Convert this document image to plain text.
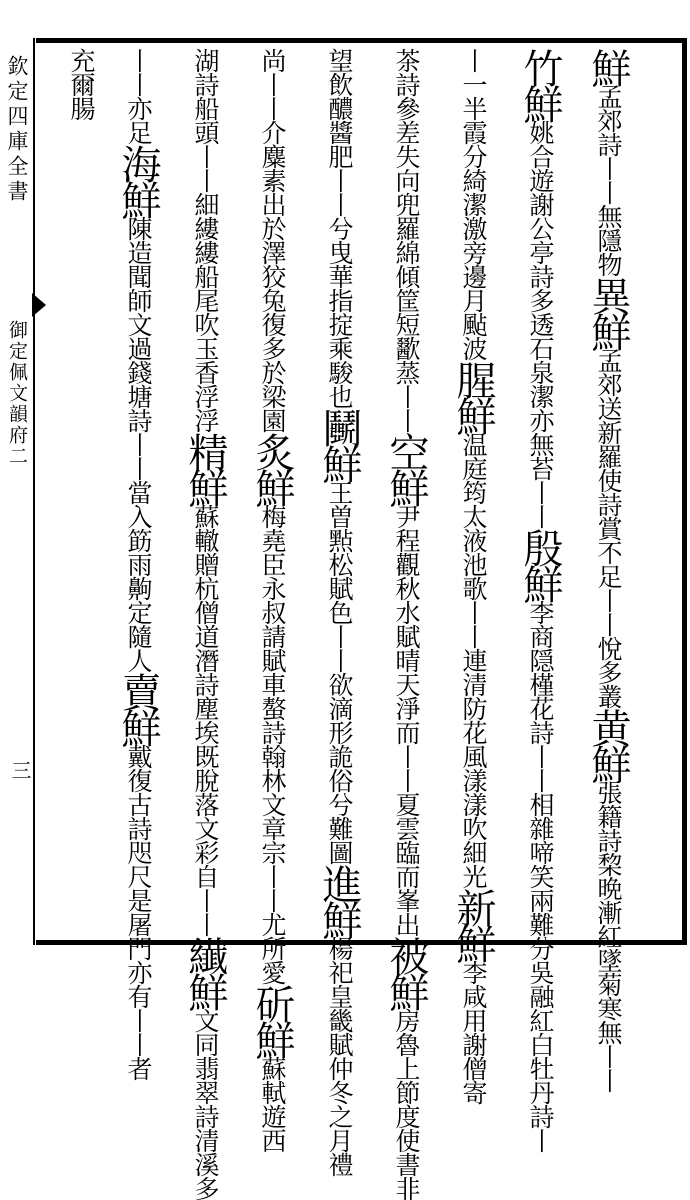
欽定四庫全書
御定佩文韻府二
三
鮮孟郊詩丨丨無隱物異鮮孟郊送新羅使詩賞不足丨丨悅多叢黄鮮張籍詩棃晩漸紅墜菊寒無丨丨
竹鮮姚合遊謝公亭詩多透石泉潔亦無苔丨丨殷鮮李商隠槿花詩丨丨相雜啼笑兩難分吳融紅白牡丹詩丨
丨一半霞分綺潔激旁邊月颭波腥鮮温庭筠太液池歌丨丨連清防花風漾漾吹細光新鮮李咸用謝僧寄
茶詩參差失向兜羅綿傾筐短歠蒸丨丨空鮮尹程觀秋水賦晴天淨而丨丨夏雲臨而峯出被鮮房魯上節度使書非
望飲醲醬肥丨丨兮曳華指掟乘駿也鬭鮮王曽㸃松賦色丨丨欲滴形詭俗兮難圖進鮮楊祀皇畿賦仲冬之月禮
尚丨丨介麋素出於澤狡兔復多於梁園炙鮮梅堯臣永叔請賦車螯詩翰林文章宗丨丨尤所愛斫鮮蘇軾遊西
湖詩船頭丨丨細縷縷船尾吹玉香浮浮精鮮蘇轍贈杭僧道潛詩塵埃既脫落文彩自丨丨纎鮮文同翡翠詩清溪多
丨丨亦足海鮮陳造聞師文過錢塘詩丨丨當入筯雨齁定隨人賣鮮戴復古詩咫尺是屠門亦有丨丨者
充爾腸
